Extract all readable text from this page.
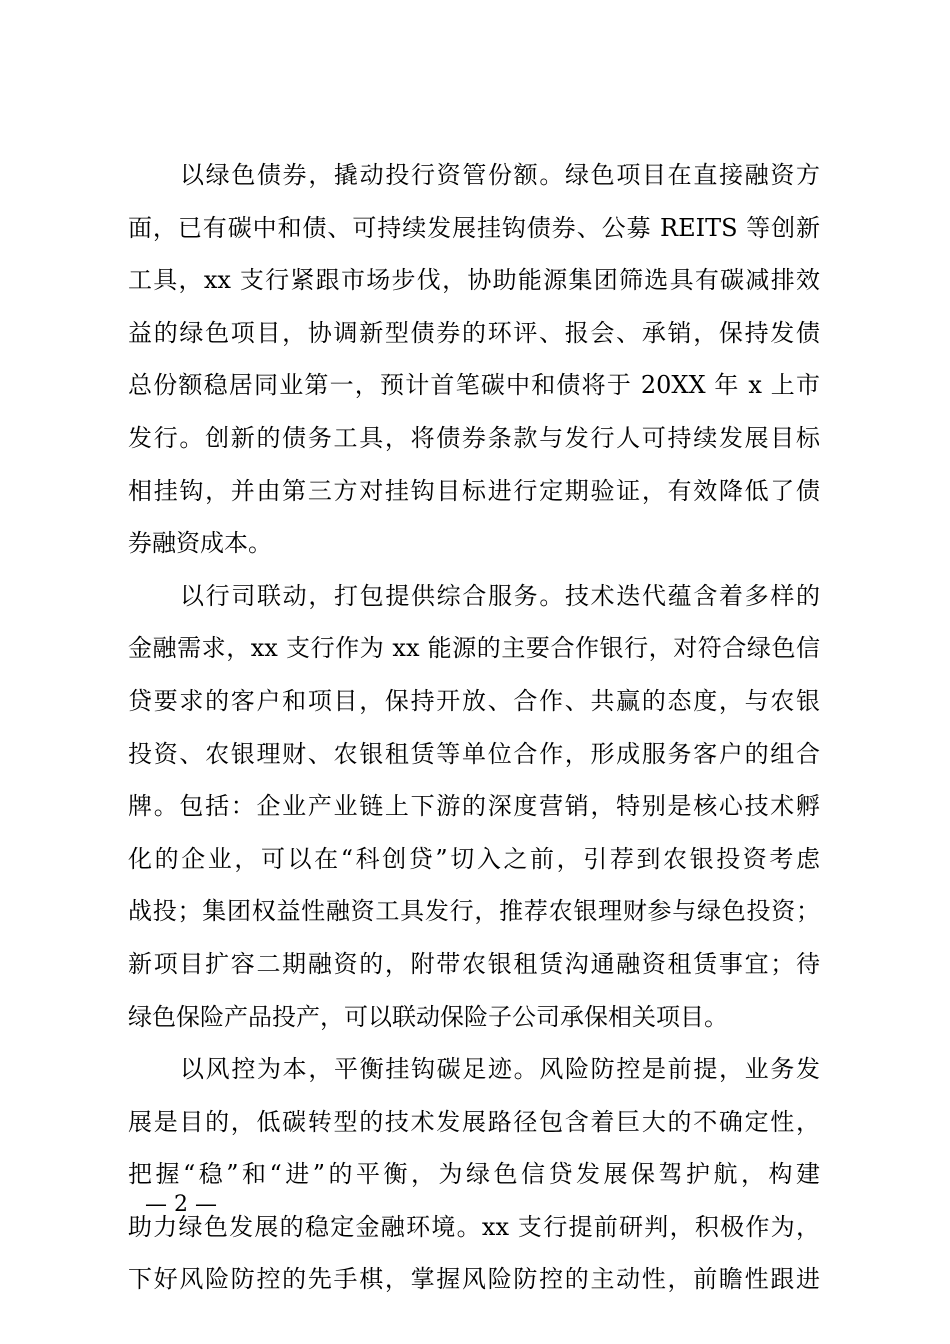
以绿色债券，撬动投行资管份额。绿色项目在直接融资方
面，已有碳中和债、可持续发展挂钩债券、公募 REITS 等创新
工具，xx 支行紧跟市场步伐，协助能源集团筛选具有碳减排效
益的绿色项目，协调新型债券的环评、报会、承销，保持发债
总份额稳居同业第一，预计首笔碳中和债将于 20XX 年 x 上市
发行。创新的债务工具，将债券条款与发行人可持续发展目标
相挂钩，并由第三方对挂钩目标进行定期验证，有效降低了债
券融资成本。
以行司联动，打包提供综合服务。技术迭代蕴含着多样的
金融需求，xx 支行作为 xx 能源的主要合作银行，对符合绿色信
贷要求的客户和项目，保持开放、合作、共赢的态度，与农银
投资、农银理财、农银租赁等单位合作，形成服务客户的组合
牌。包括：企业产业链上下游的深度营销，特别是核心技术孵
化的企业，可以在“科创贷”切入之前，引荐到农银投资考虑
战投；集团权益性融资工具发行，推荐农银理财参与绿色投资；
新项目扩容二期融资的，附带农银租赁沟通融资租赁事宜；待
绿色保险产品投产，可以联动保险子公司承保相关项目。
以风控为本，平衡挂钩碳足迹。风险防控是前提，业务发
展是目的，低碳转型的技术发展路径包含着巨大的不确定性，
把握“稳”和“进”的平衡，为绿色信贷发展保驾护航，构建
助力绿色发展的稳定金融环境。xx 支行提前研判，积极作为，
下好风险防控的先手棋，掌握风险防控的主动性，前瞻性跟进
— 2 —
